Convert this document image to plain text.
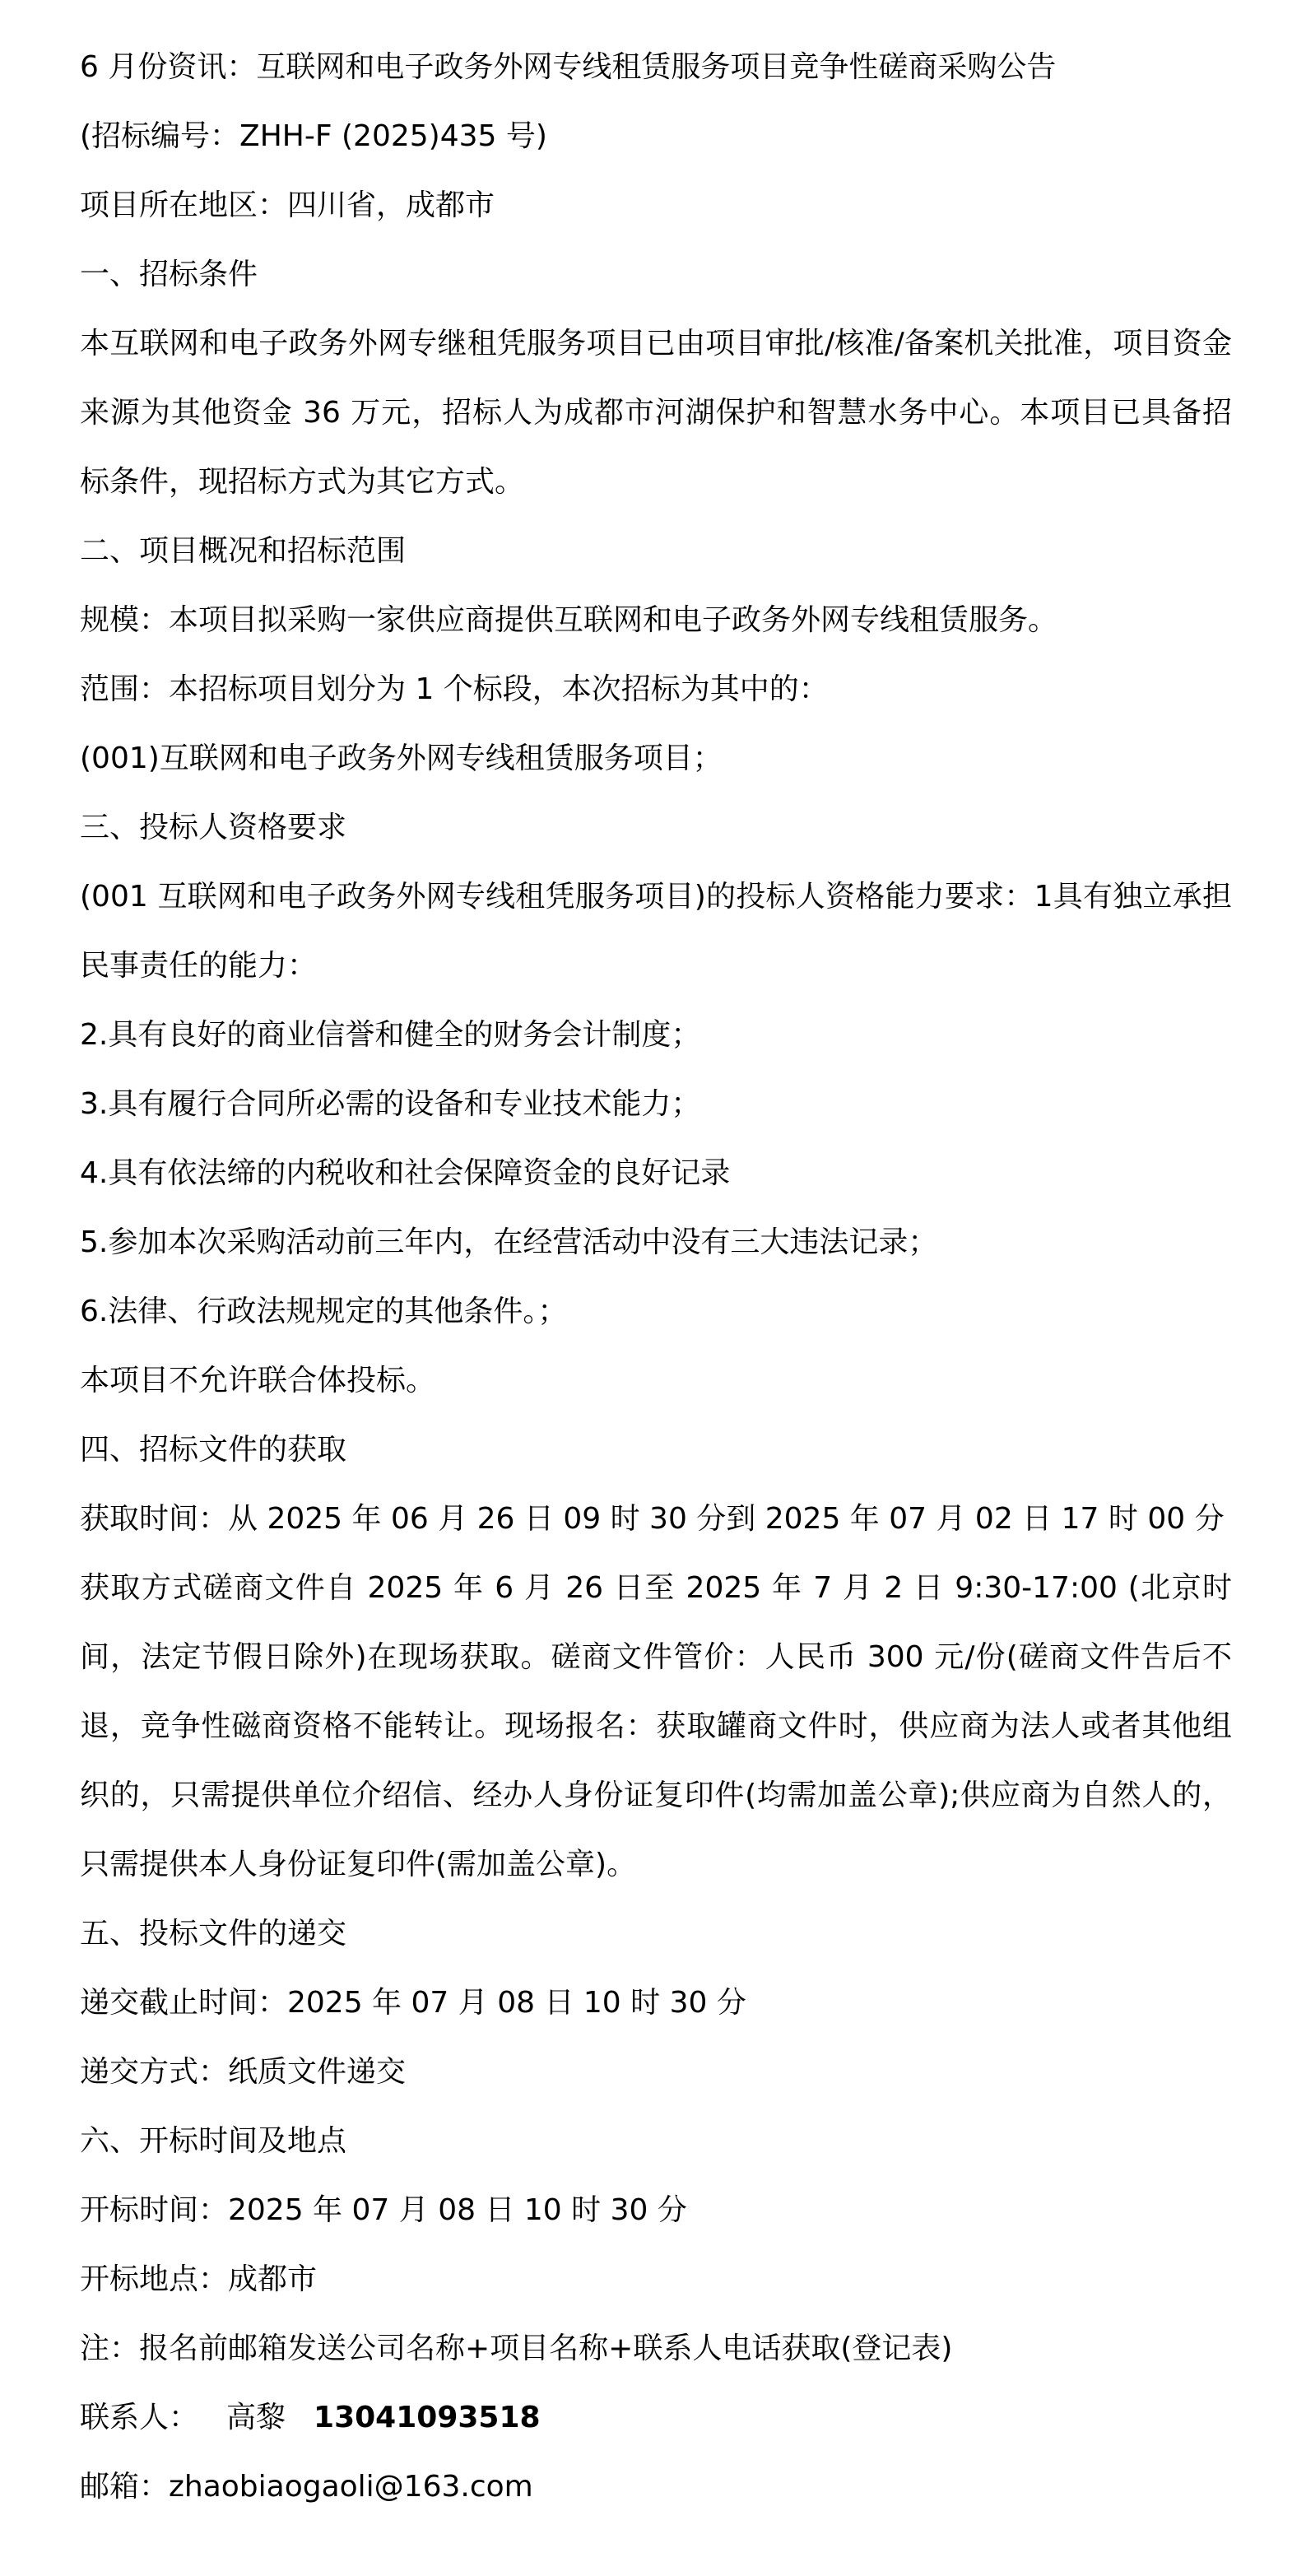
6 月份资讯：互联网和电子政务外网专线租赁服务项目竞争性磋商采购公告
(招标编号：ZHH-F (2025)435 号)
项目所在地区：四川省，成都市
一、招标条件
本互联网和电子政务外网专继租凭服务项目已由项目审批/核准/备案机关批准，项目资金来源为其他资金 36 万元，招标人为成都市河湖保护和智慧水务中心。本项目已具备招标条件，现招标方式为其它方式。
二、项目概况和招标范围
规模：本项目拟采购一家供应商提供互联网和电子政务外网专线租赁服务。
范围：本招标项目划分为 1 个标段，本次招标为其中的：
(001)互联网和电子政务外网专线租赁服务项目；
三、投标人资格要求
(001 互联网和电子政务外网专线租凭服务项目)的投标人资格能力要求：1具有独立承担民事责任的能力：
2.具有良好的商业信誉和健全的财务会计制度；
3.具有履行合同所必需的设备和专业技术能力；
4.具有依法缔的内税收和社会保障资金的良好记录
5.参加本次采购活动前三年内，在经营活动中没有三大违法记录；
6.法律、行政法规规定的其他条件。；
本项目不允许联合体投标。
四、招标文件的获取
获取时间：从 2025 年 06 月 26 日 09 时 30 分到 2025 年 07 月 02 日 17 时 00 分
获取方式磋商文件自 2025 年 6 月 26 日至 2025 年 7 月 2 日 9:30-17:00 (北京时间，法定节假日除外)在现场获取。磋商文件管价：人民币 300 元/份(磋商文件告后不退，竞争性磁商资格不能转让。现场报名：获取罐商文件时，供应商为法人或者其他组织的，只需提供单位介绍信、经办人身份证复印件(均需加盖公章);供应商为自然人的，只需提供本人身份证复印件(需加盖公章)。
五、投标文件的递交
递交截止时间：2025 年 07 月 08 日 10 时 30 分
递交方式：纸质文件递交
六、开标时间及地点
开标时间：2025 年 07 月 08 日 10 时 30 分
开标地点：成都市
注：报名前邮箱发送公司名称+项目名称+联系人电话获取(登记表)
联系人： 高黎 13041093518
邮箱：zhaobiaogaoli@163.com
